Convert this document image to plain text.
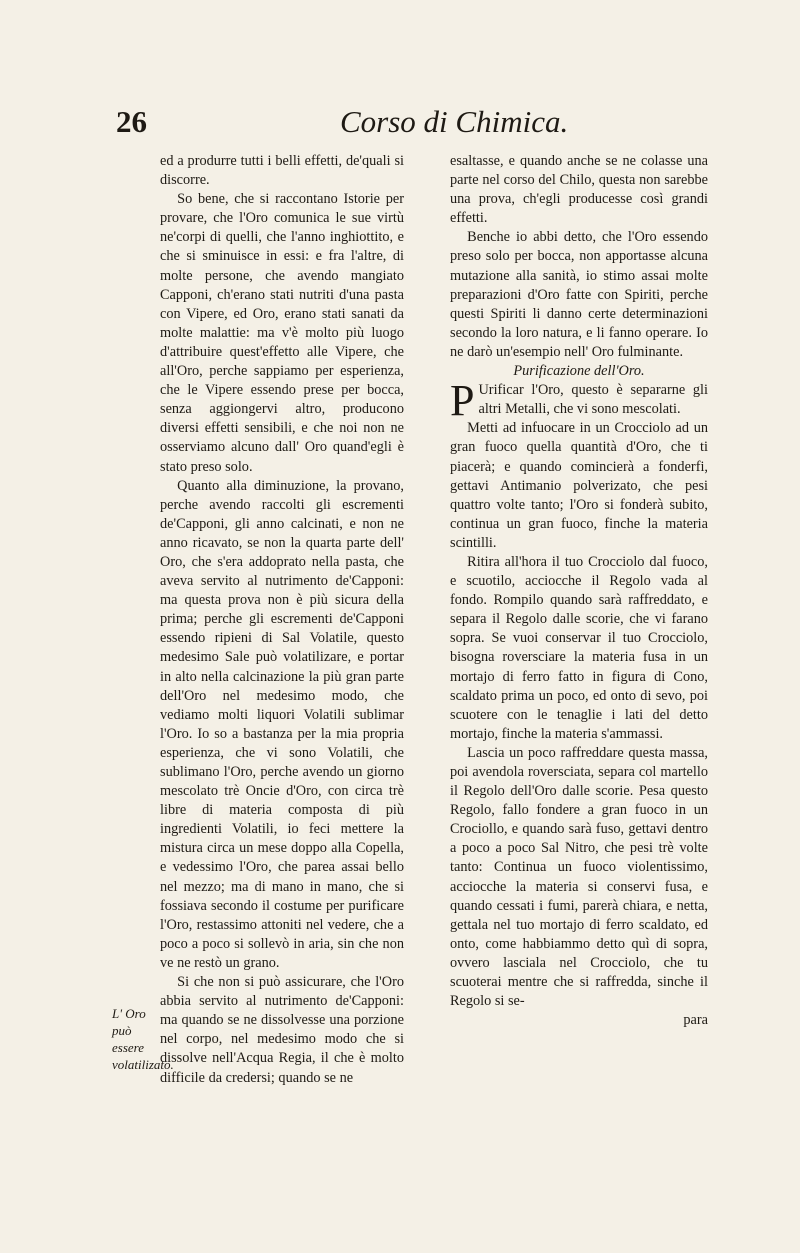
26	Corso di Chimica.

ed a produrre tutti i belli effetti, de'quali si discorre.

So bene, che si raccontano Istorie per provare, che l'Oro comunica le sue virtù ne'corpi di quelli, che l'anno inghiottito, e che si sminuisce in essi: e fra l'altre, di molte persone, che avendo mangiato Capponi, ch'erano stati nutriti d'una pasta con Vipere, ed Oro, erano stati sanati da molte malattie: ma v'è molto più luogo d'attribuire quest'effetto alle Vipere, che all'Oro, perche sappiamo per esperienza, che le Vipere essendo prese per bocca, senza aggiongervi altro, producono diversi effetti sensibili, e che noi non ne osserviamo alcuno dall' Oro quand'egli è stato preso solo.

Quanto alla diminuzione, la provano, perche avendo raccolti gli escrementi de'Capponi, gli anno calcinati, e non ne anno ricavato, se non la quarta parte dell' Oro, che s'era addoprato nella pasta, che aveva servito al nutrimento de'Capponi: ma questa prova non è più sicura della prima; perche gli escrementi de'Capponi essendo ripieni di Sal Volatile, questo medesimo Sale può volatilizare, e portar in alto nella calcinazione la più gran parte dell'Oro nel medesimo modo, che vediamo molti liquori Volatili sublimar l'Oro. Io so a bastanza per la mia propria esperienza, che vi sono Volatili, che sublimano l'Oro, perche avendo un giorno mescolato trè Oncie d'Oro, con circa trè libre di materia composta di più ingredienti Volatili, io feci mettere la mistura circa un mese doppo alla Copella, e vedessimo l'Oro, che parea assai bello nel mezzo; ma di mano in mano, che si fossiava secondo il costume per purificare l'Oro, restassimo attoniti nel vedere, che a poco a poco si sollevò in aria, sin che non ve ne restò un grano.

Si che non si può assicurare, che l'Oro abbia servito al nutrimento de'Capponi: ma quando se ne dissolvesse una porzione nel corpo, nel medesimo modo che si dissolve nell'Acqua Regia, il che è molto difficile da credersi; quando se ne

L' Oro può essere volatilizato.

esaltasse, e quando anche se ne colasse una parte nel corso del Chilo, questa non sarebbe una prova, ch'egli producesse così grandi effetti.

Benche io abbi detto, che l'Oro essendo preso solo per bocca, non apportasse alcuna mutazione alla sanità, io stimo assai molte preparazioni d'Oro fatte con Spiriti, perche questi Spiriti li danno certe determinazioni secondo la loro natura, e li fanno operare. Io ne darò un'esempio nell' Oro fulminante.

Purificazione dell'Oro.

P Urificar l'Oro, questo è separarne gli altri Metalli, che vi sono mescolati.

Metti ad infuocare in un Crocciolo ad un gran fuoco quella quantità d'Oro, che ti piacerà; e quando comincierà a fonderfi, gettavi Antimanio polverizato, che pesi quattro volte tanto; l'Oro si fonderà subito, continua un gran fuoco, finche la materia scintilli.

Ritira all'hora il tuo Crocciolo dal fuoco, e scuotilo, acciocche il Regolo vada al fondo. Rompilo quando sarà raffreddato, e separa il Regolo dalle scorie, che vi farano sopra. Se vuoi conservar il tuo Crocciolo, bisogna roversciare la materia fusa in un mortajo di ferro fatto in figura di Cono, scaldato prima un poco, ed onto di sevo, poi scuotere con le tenaglie i lati del detto mortajo, finche la materia s'ammassi.

Lascia un poco raffreddare questa massa, poi avendola roversciata, separa col martello il Regolo dell'Oro dalle scorie. Pesa questo Regolo, fallo fondere a gran fuoco in un Crociollo, e quando sarà fuso, gettavi dentro a poco a poco Sal Nitro, che pesi trè volte tanto: Continua un fuoco violentissimo, acciocche la materia si conservi fusa, e quando cessati i fumi, parerà chiara, e netta, gettala nel tuo mortajo di ferro scaldato, ed onto, come habbiammo detto quì di sopra, ovvero lasciala nel Crocciolo, che tu scuoterai mentre che si raffredda, sinche il Regolo si se-

para
